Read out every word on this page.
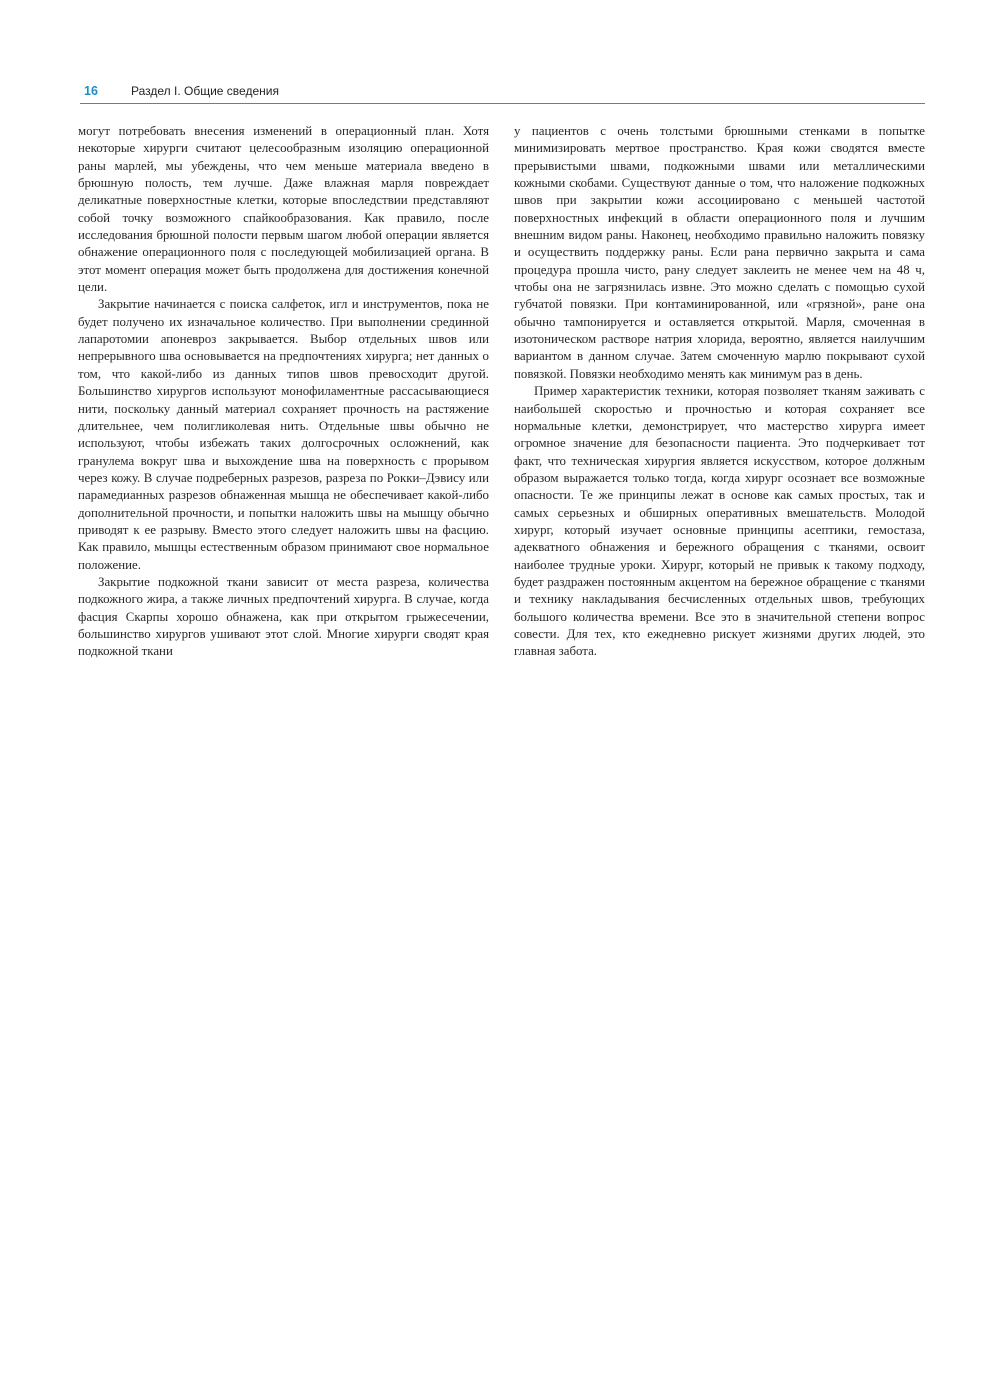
16	Раздел I. Общие сведения

могут потребовать внесения изменений в операционный план. Хотя некоторые хирурги считают целесообразным изоляцию операционной раны марлей, мы убеждены, что чем меньше материала введено в брюшную полость, тем лучше. Даже влажная марля повреждает деликатные поверхностные клетки, которые впоследствии представляют собой точку возможного спайкообразования. Как правило, после исследования брюшной полости первым шагом любой операции является обнажение операционного поля с последующей мобилизацией органа. В этот момент операция может быть продолжена для достижения конечной цели.

Закрытие начинается с поиска салфеток, игл и инструментов, пока не будет получено их изначальное количество. При выполнении срединной лапаротомии апоневроз закрывается. Выбор отдельных швов или непрерывного шва основывается на предпочтениях хирурга; нет данных о том, что какой-либо из данных типов швов превосходит другой. Большинство хирургов используют монофиламентные рассасывающиеся нити, поскольку данный материал сохраняет прочность на растяжение длительнее, чем полигликолевая нить. Отдельные швы обычно не используют, чтобы избежать таких долгосрочных осложнений, как гранулема вокруг шва и выхождение шва на поверхность с прорывом через кожу. В случае подреберных разрезов, разреза по Рокки–Дэвису или парамедианных разрезов обнаженная мышца не обеспечивает какой-либо дополнительной прочности, и попытки наложить швы на мышцу обычно приводят к ее разрыву. Вместо этого следует наложить швы на фасцию. Как правило, мышцы естественным образом принимают свое нормальное положение.

Закрытие подкожной ткани зависит от места разреза, количества подкожного жира, а также личных предпочтений хирурга. В случае, когда фасция Скарпы хорошо обнажена, как при открытом грыжесечении, большинство хирургов ушивают этот слой. Многие хирурги сводят края подкожной ткани

у пациентов с очень толстыми брюшными стенками в попытке минимизировать мертвое пространство. Края кожи сводятся вместе прерывистыми швами, подкожными швами или металлическими кожными скобами. Существуют данные о том, что наложение подкожных швов при закрытии кожи ассоциировано с меньшей частотой поверхностных инфекций в области операционного поля и лучшим внешним видом раны. Наконец, необходимо правильно наложить повязку и осуществить поддержку раны. Если рана первично закрыта и сама процедура прошла чисто, рану следует заклеить не менее чем на 48 ч, чтобы она не загрязнилась извне. Это можно сделать с помощью сухой губчатой повязки. При контаминированной, или «грязной», ране она обычно тампонируется и оставляется открытой. Марля, смоченная в изотоническом растворе натрия хлорида, вероятно, является наилучшим вариантом в данном случае. Затем смоченную марлю покрывают сухой повязкой. Повязки необходимо менять как минимум раз в день.

Пример характеристик техники, которая позволяет тканям заживать с наибольшей скоростью и прочностью и которая сохраняет все нормальные клетки, демонстрирует, что мастерство хирурга имеет огромное значение для безопасности пациента. Это подчеркивает тот факт, что техническая хирургия является искусством, которое должным образом выражается только тогда, когда хирург осознает все возможные опасности. Те же принципы лежат в основе как самых простых, так и самых серьезных и обширных оперативных вмешательств. Молодой хирург, который изучает основные принципы асептики, гемостаза, адекватного обнажения и бережного обращения с тканями, освоит наиболее трудные уроки. Хирург, который не привык к такому подходу, будет раздражен постоянным акцентом на бережное обращение с тканями и технику накладывания бесчисленных отдельных швов, требующих большого количества времени. Все это в значительной степени вопрос совести. Для тех, кто ежедневно рискует жизнями других людей, это главная забота.
